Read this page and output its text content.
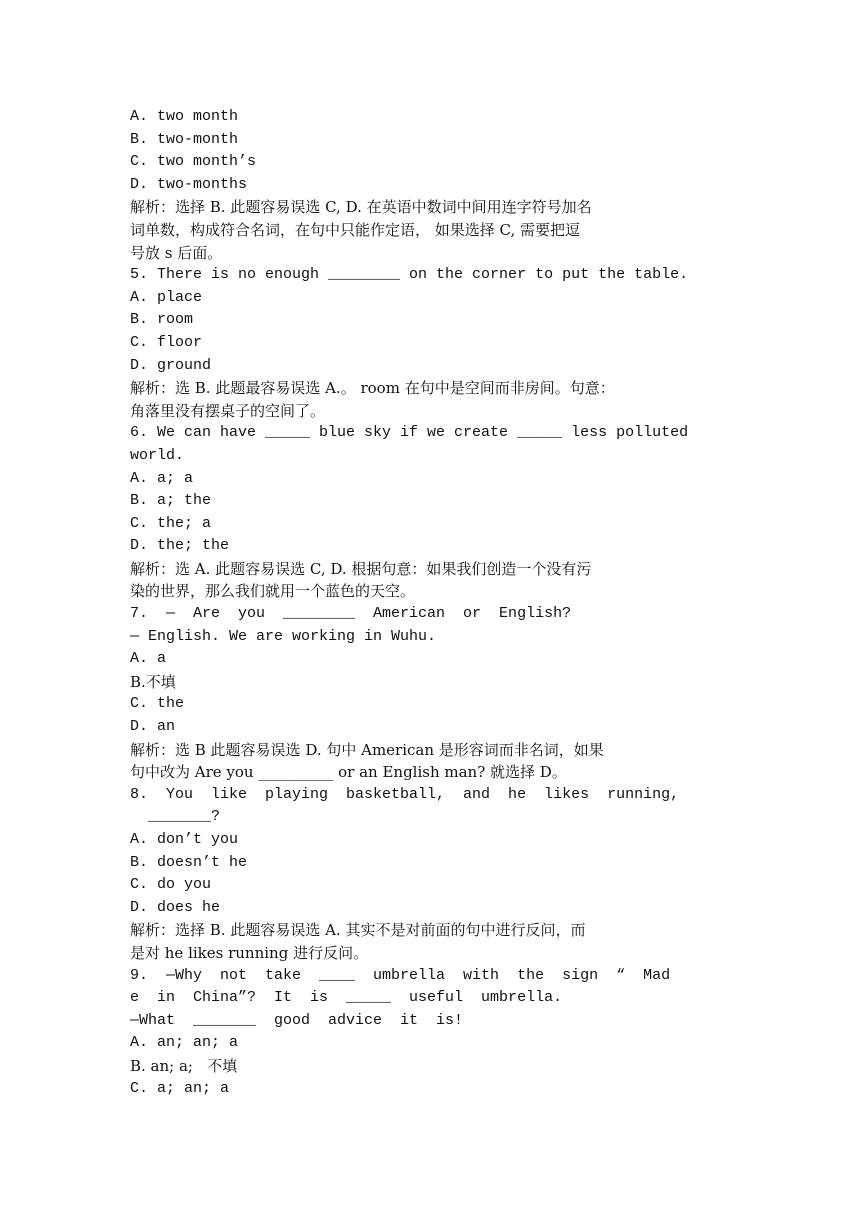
A. two month
B. two-month
C. two month’s
D. two-months
解析：选择 B. 此题容易误选 C, D. 在英语中数词中间用连字符号加名
词单数，构成符合名词，在句中只能作定语， 如果选择 C, 需要把逗
号放 s 后面。
5. There is no enough ________ on the corner to put the table.
A. place
B. room
C. floor
D. ground
解析：选 B. 此题最容易误选 A.。 room 在句中是空间而非房间。句意：
角落里没有摆桌子的空间了。
6. We can have _____ blue sky if we create _____ less polluted
world.
A. a; a
B. a; the
C. the; a
D. the; the
解析：选 A. 此题容易误选 C, D. 根据句意：如果我们创造一个没有污
染的世界，那么我们就用一个蓝色的天空。
7.  —  Are  you  ________  American  or  English?
— English. We are working in Wuhu.
A. a
B.不填
C. the
D. an
解析：选 B 此题容易误选 D. 句中 American 是形容词而非名词，如果
句中改为 Are you __________ or an English man? 就选择 D。
8.  You  like  playing  basketball,  and  he  likes  running,
_______?
A. don’t you
B. doesn’t he
C. do you
D. does he
解析：选择 B. 此题容易误选 A. 其实不是对前面的句中进行反问，而
是对 he likes running 进行反问。
9.  —Why  not  take  ____  umbrella  with  the  sign  “  Mad
e  in  China”?  It  is  _____  useful  umbrella.
—What  _______  good  advice  it  is!
A. an; an; a
B. an; a;   不填
C. a; an; a
